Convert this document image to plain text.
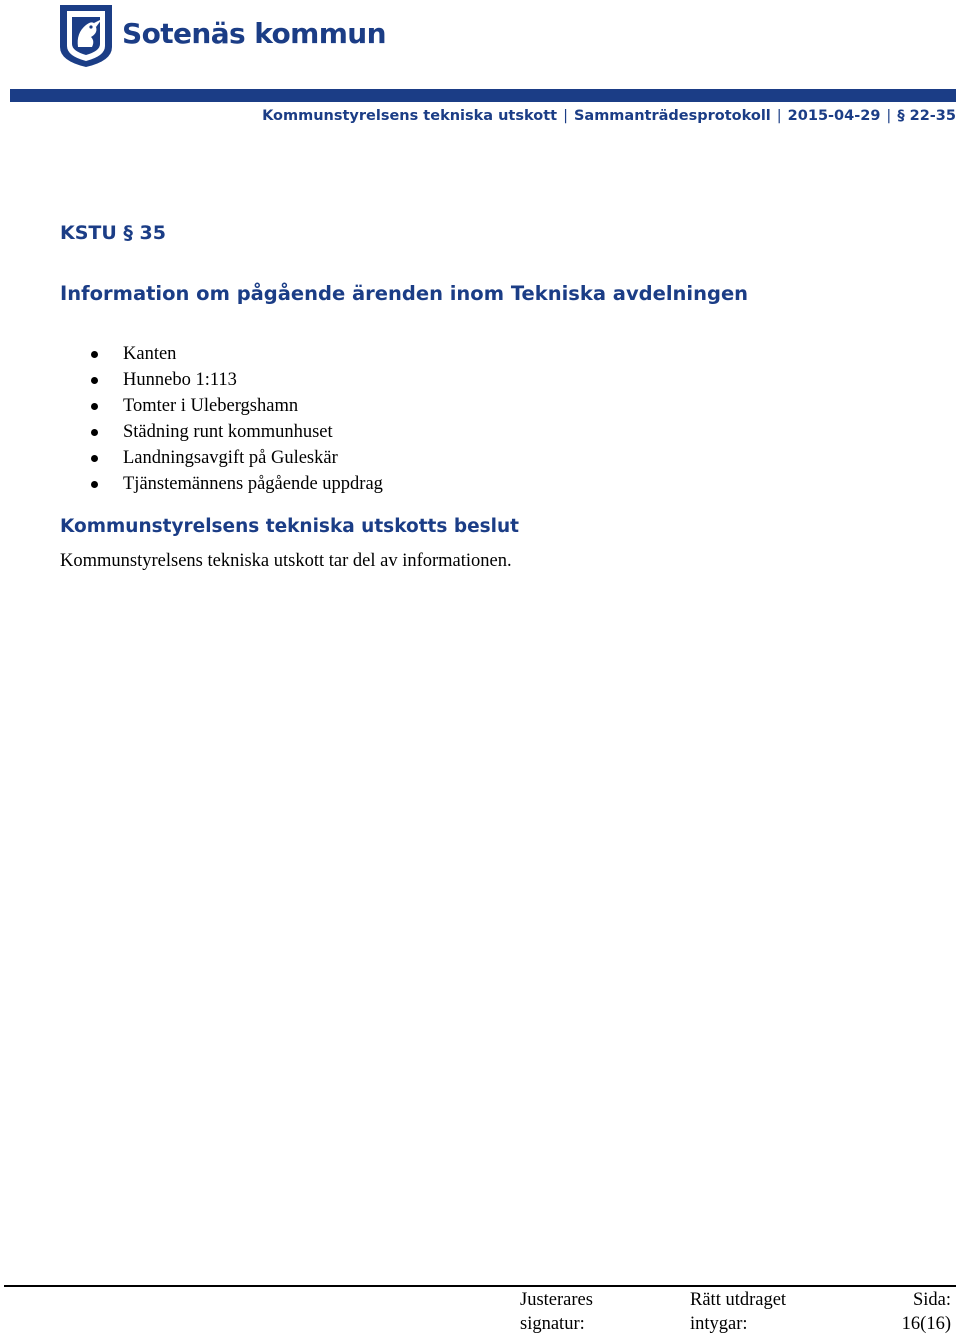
Sotenäs kommun
Kommunstyrelsens tekniska utskott | Sammanträdesprotokoll | 2015-04-29 | § 22-35
KSTU § 35
Information om pågående ärenden inom Tekniska avdelningen
Kanten
Hunnebo 1:113
Tomter i Ulebergshamn
Städning runt kommunhuset
Landningsavgift på Guleskär
Tjänstemännens pågående uppdrag
Kommunstyrelsens tekniska utskotts beslut
Kommunstyrelsens tekniska utskott tar del av informationen.
Justerares
signatur:
Rätt utdraget
intygar:
Sida:
16(16)
